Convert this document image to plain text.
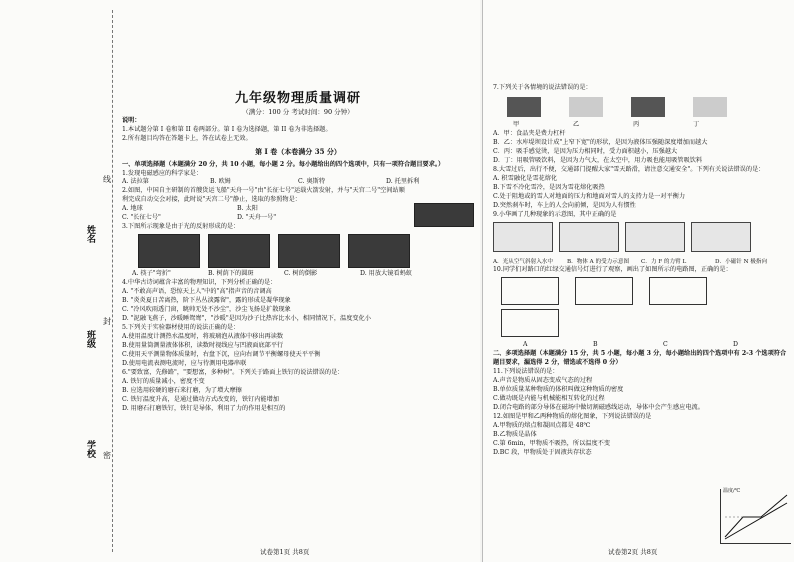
姓名
班级
学校
线
封
密
九年级物理质量调研

（满分：100 分 考试时间：90 分钟）

说明：

1.本试题分第 I 卷和第 II 卷两部分。第 I 卷为选择题，第 II 卷为非选择题。

2.所有题目均答在答题卡上，答在试卷上无效。

第 I 卷（本卷满分 35 分）

一、单项选择题（本题满分 20 分，共 10 小题，每小题 2 分。每小题给出的四个选项中，只有一项符合题目要求。）

1.发现电磁感应的科学家是：

A. 法拉第	B. 欧姆	C. 奥斯特	D. 托里拆利

2.如图，中国自主研制的首艘货运飞船"天舟一号"由"长征七号"运载火箭发射，并与"天宫二号"空间站顺利完成自动交会对接，此时说"天宫二号"静止，选取的参照物是：

A. 地球	B. 太阳
C. "长征七号"	D. "天舟一号"

3.下图所示现象是由于光的反射形成的是：

A. 筷子"弯折"	B. 树荫下的圆斑	C. 树的倒影	D. 用放大镜看蚂蚁

4.中华古诗词蕴含丰富的物理知识，下列分析正确的是：

A. "不敢高声语，恐惊天上人"中的"高"指声音的音调高

B. "炎炎夏日苦离热，阶下丛丛淡露留"，露的形成是凝华现象

C. "冷风吹雨透门窗，眺帅无处不沙尘"，沙尘飞扬是扩散现象

D. "泥融飞燕子，沙暖睡鸳鸯"，"沙暖"是因为沙子比热容比水小，相同情况下，温度变化小

5.下列关于实验器材使用的说法正确的是：

A.使用温度计测热水温度时，将玻璃泡从液体中移出再读数

B.使用量筒测量液体体积，读数时视线应与凹液面底部平行

C.使用天平测量物体质量时，右盘下沉，应向右调节平衡螺母使天平平衡

D.使用电流表测电流时，应与待测用电器串联

6."要致富，先修路"，"要想富，多种树"。下列关于路面上铁钉的说法错误的是：

A. 铁钉的质量减小，密度不变

B. 应选用较硬的磨石来打磨，为了增大摩擦

C. 铁钉温度升高，是通过做功方式改变的，铁钉内能增加

D. 用磨石打磨铁钉，铁钉是导体，利用了力的作用是相互的

试卷第1页 共8页

7.下列关于各情境的说法错误的是：

甲	乙	丙	丁

A．甲：食品夹是费力杠杆

B．乙：水库堤坝设计成"上窄下宽"的形状，是因为液体压强随深度增加而越大

C．丙：吸手感觉烫，是因为压力相同时，受力面积越小，压强越大

D．丁：用吸管吸饮料，是因为力气大，在太空中，用力吸也能用吸管吸饮料

8.大雪过后，出行不便，交通部门提醒大家"雪天路滑，请注意交通安全"。下列有关说法错误的是：

A. 积雪融化是雪花熔化

B.下雪不冷化雪冷，是因为雪花熔化吸热

C.处于阻地或的雪人对地面的压力和地面对雪人的支持力是一对平衡力

D.突然刹车时，车上的人会向前倾，是因为人有惯性

9.小华画了几种现象的示意图，其中正确的是

A．光从空气斜射入水中	B．物体 A 的受力示意图	C．力 F 的力臂 L	D．小磁针 N 极指向

10.同学们对路口的红绿交通信号灯进行了观察，画出了如图所示的电路图，正确的是：

A	B	C	D

二、多项选择题（本题满分 15 分，共 5 小题，每小题 3 分，每小题给出的四个选项中有 2-3 个选项符合题目要求，漏选得 2 分，错选或不选得 0 分）

11.下列说法错误的是：

A.声音是物质从固态变成气态的过程

B.单位质量某种物质的体积叫做这种物质的密度

C.做功既是内能与机械能相互转化的过程

D.闭合电路的部分导体在磁场中做切割磁感线运动，导体中会产生感应电流。

12.如图是甲和乙两种物质的熔化图象，下列说法错误的是

A.甲物质的熔点和凝固点都是 48℃

B.乙物质是晶体

C.第 6min，甲物质不吸热，所以温度不变

D.BC 段，甲物质处于固液共存状态

温度/℃
试卷第2页 共8页
